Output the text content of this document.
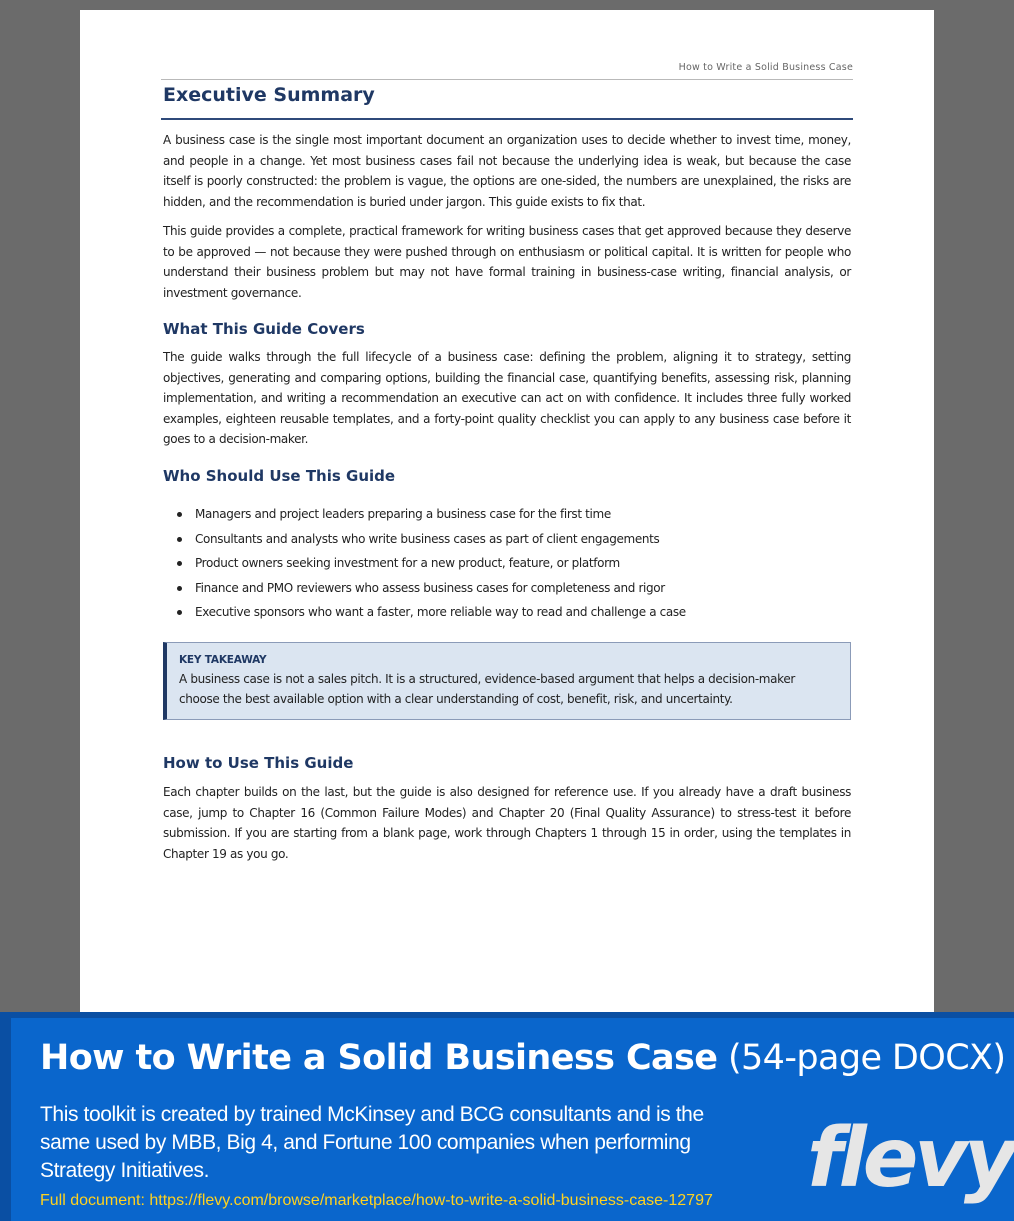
How to Write a Solid Business Case
Executive Summary

A business case is the single most important document an organization uses to decide whether to invest time, money, and people in a change. Yet most business cases fail not because the underlying idea is weak, but because the case itself is poorly constructed: the problem is vague, the options are one-sided, the numbers are unexplained, the risks are hidden, and the recommendation is buried under jargon. This guide exists to fix that.

This guide provides a complete, practical framework for writing business cases that get approved because they deserve to be approved — not because they were pushed through on enthusiasm or political capital. It is written for people who understand their business problem but may not have formal training in business-case writing, financial analysis, or investment governance.

What This Guide Covers

The guide walks through the full lifecycle of a business case: defining the problem, aligning it to strategy, setting objectives, generating and comparing options, building the financial case, quantifying benefits, assessing risk, planning implementation, and writing a recommendation an executive can act on with confidence. It includes three fully worked examples, eighteen reusable templates, and a forty-point quality checklist you can apply to any business case before it goes to a decision-maker.

Who Should Use This Guide
Managers and project leaders preparing a business case for the first time
Consultants and analysts who write business cases as part of client engagements
Product owners seeking investment for a new product, feature, or platform
Finance and PMO reviewers who assess business cases for completeness and rigor
Executive sponsors who want a faster, more reliable way to read and challenge a case
KEY TAKEAWAY
A business case is not a sales pitch. It is a structured, evidence-based argument that helps a decision-maker choose the best available option with a clear understanding of cost, benefit, risk, and uncertainty.
How to Use This Guide

Each chapter builds on the last, but the guide is also designed for reference use. If you already have a draft business case, jump to Chapter 16 (Common Failure Modes) and Chapter 20 (Final Quality Assurance) to stress-test it before submission. If you are starting from a blank page, work through Chapters 1 through 15 in order, using the templates in Chapter 19 as you go.

How to Write a Solid Business Case (54-page DOCX)
This toolkit is created by trained McKinsey and BCG consultants and is the same used by MBB, Big 4, and Fortune 100 companies when performing Strategy Initiatives.
Full document: https://flevy.com/browse/marketplace/how-to-write-a-solid-business-case-12797	flevy
